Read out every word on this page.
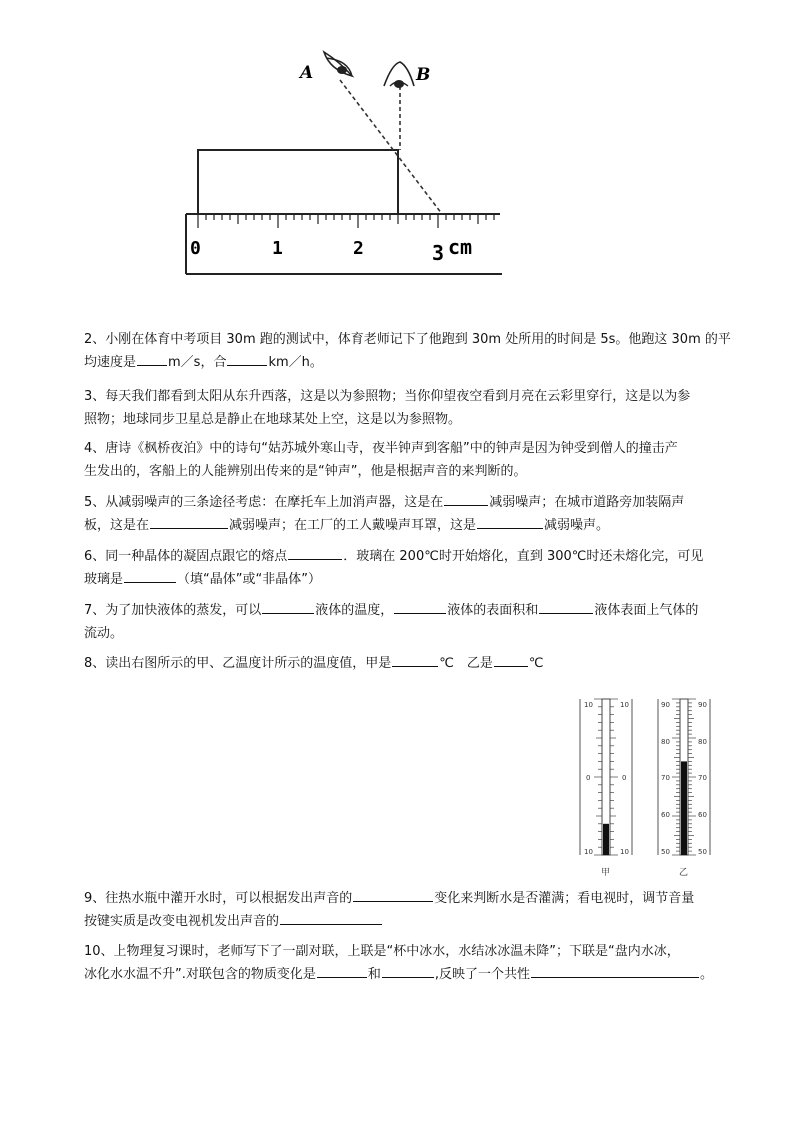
0	1	2	3 cm
A	B
2、小刚在体育中考项目 30m 跑的测试中，体育老师记下了他跑到 30m 处所用的时间是 5s。他跑这 30m 的平
均速度是 m／s，合	km／h。
3、每天我们都看到太阳从东升西落，这是以为参照物；当你仰望夜空看到月亮在云彩里穿行，这是以为参
照物；地球同步卫星总是静止在地球某处上空，这是以为参照物。
4、唐诗《枫桥夜泊》中的诗句“姑苏城外寒山寺，夜半钟声到客船”中的钟声是因为钟受到僧人的撞击产
生发出的，客船上的人能辨别出传来的是“钟声”，他是根据声音的来判断的。
5、从减弱噪声的三条途径考虑：在摩托车上加消声器，这是在	减弱噪声；在城市道路旁加装隔声
板，这是在	减弱噪声；在工厂的工人戴噪声耳罩，这是	减弱噪声。
6、同一种晶体的凝固点跟它的熔点	．玻璃在 200℃时开始熔化，直到 300℃时还未熔化完，可见
玻璃是	（填“晶体”或“非晶体”）
7、为了加快液体的蒸发，可以	液体的温度，	液体的表面积和	液体表面上气体的
流动。
8、读出右图所示的甲、乙温度计所示的温度值，甲是	℃　乙是	℃
10	10
0	0
10	10
甲
90	90
80	80
70	70
60	60
50	50
乙
9、往热水瓶中灌开水时，可以根据发出声音的	变化来判断水是否灌满；看电视时，调节音量
按键实质是改变电视机发出声音的
10、上物理复习课时，老师写下了一副对联，上联是“杯中冰水，水结冰冰温未降”；下联是“盘内水冰，
冰化水水温不升”.对联包含的物质变化是	和	,反映了一个共性	。
